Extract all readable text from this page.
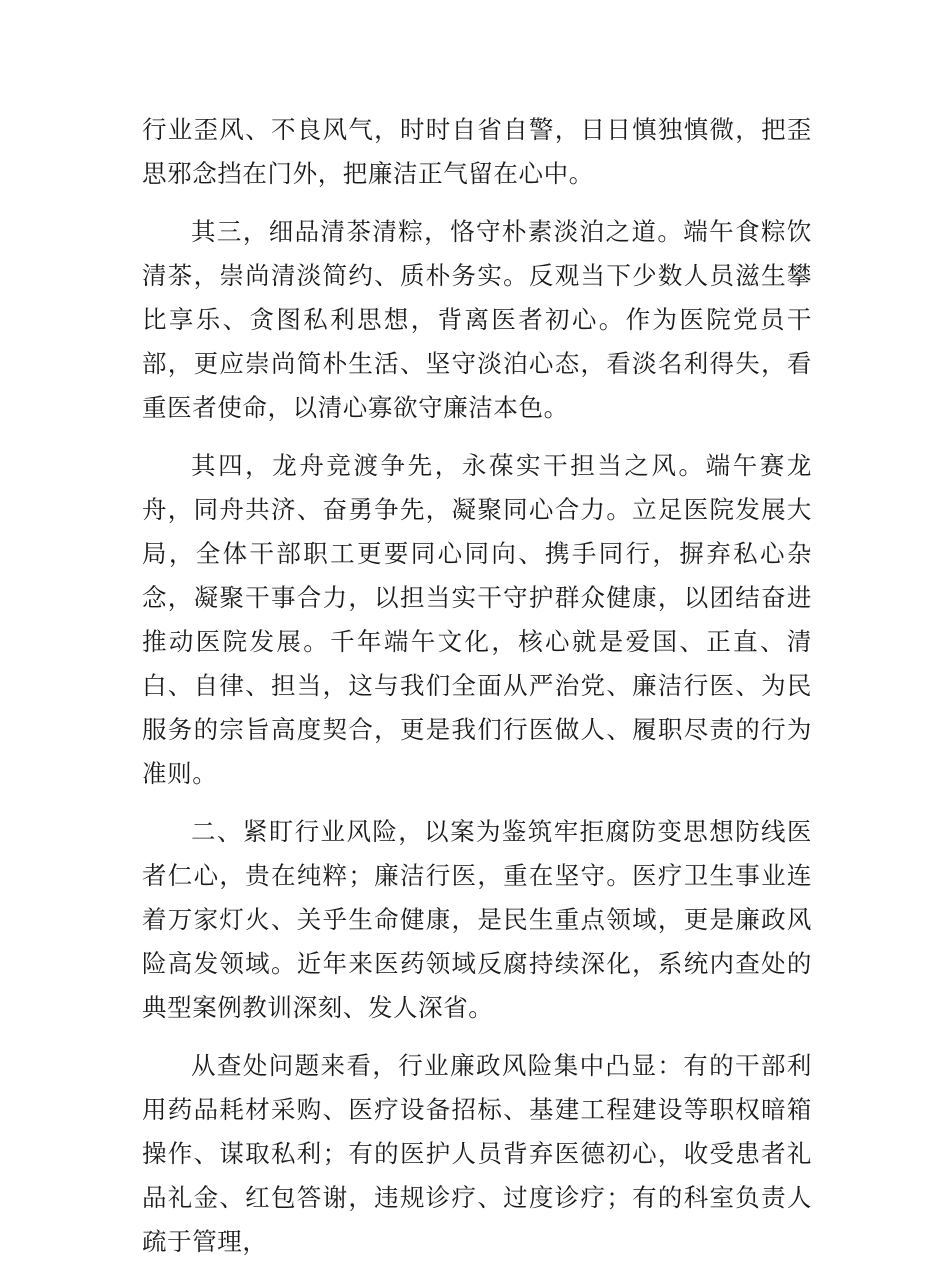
行业歪风、不良风气，时时自省自警，日日慎独慎微，把歪思邪念挡在门外，把廉洁正气留在心中。

其三，细品清茶清粽，恪守朴素淡泊之道。端午食粽饮清茶，崇尚清淡简约、质朴务实。反观当下少数人员滋生攀比享乐、贪图私利思想，背离医者初心。作为医院党员干部，更应崇尚简朴生活、坚守淡泊心态，看淡名利得失，看重医者使命，以清心寡欲守廉洁本色。

其四，龙舟竞渡争先，永葆实干担当之风。端午赛龙舟，同舟共济、奋勇争先，凝聚同心合力。立足医院发展大局，全体干部职工更要同心同向、携手同行，摒弃私心杂念，凝聚干事合力，以担当实干守护群众健康，以团结奋进推动医院发展。千年端午文化，核心就是爱国、正直、清白、自律、担当，这与我们全面从严治党、廉洁行医、为民服务的宗旨高度契合，更是我们行医做人、履职尽责的行为准则。

二、紧盯行业风险，以案为鉴筑牢拒腐防变思想防线医者仁心，贵在纯粹；廉洁行医，重在坚守。医疗卫生事业连着万家灯火、关乎生命健康，是民生重点领域，更是廉政风险高发领域。近年来医药领域反腐持续深化，系统内查处的典型案例教训深刻、发人深省。

从查处问题来看，行业廉政风险集中凸显：有的干部利用药品耗材采购、医疗设备招标、基建工程建设等职权暗箱操作、谋取私利；有的医护人员背弃医德初心，收受患者礼品礼金、红包答谢，违规诊疗、过度诊疗；有的科室负责人疏于管理，
